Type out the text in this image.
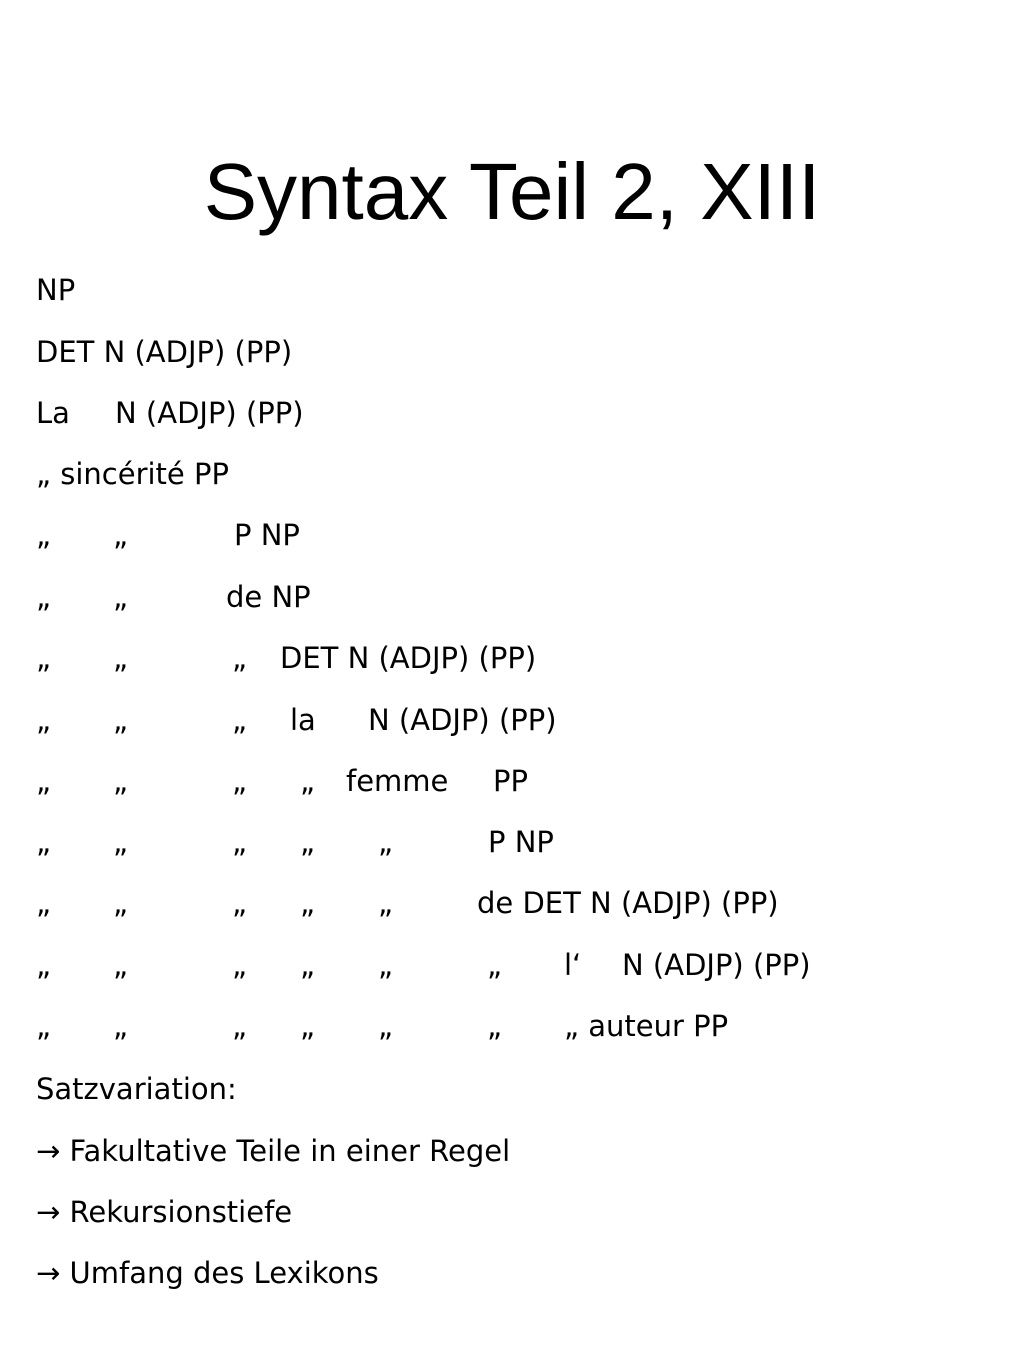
Syntax Teil 2, XIII
NP
DET N (ADJP) (PP)
La N (ADJP) (PP)
„ sincérité PP
„ „	P NP
„ „	de NP
„ „	„ DET N (ADJP) (PP)
„ „	„ la N (ADJP) (PP)
„ „	„ „ femme PP
„ „	„ „ „	P NP
„ „	„ „ „	de DET N (ADJP) (PP)
„ „	„ „ „	„ l‘ N (ADJP) (PP)
„ „	„ „ „	„ „ auteur PP
Satzvariation:
→ Fakultative Teile in einer Regel
→ Rekursionstiefe
→ Umfang des Lexikons
